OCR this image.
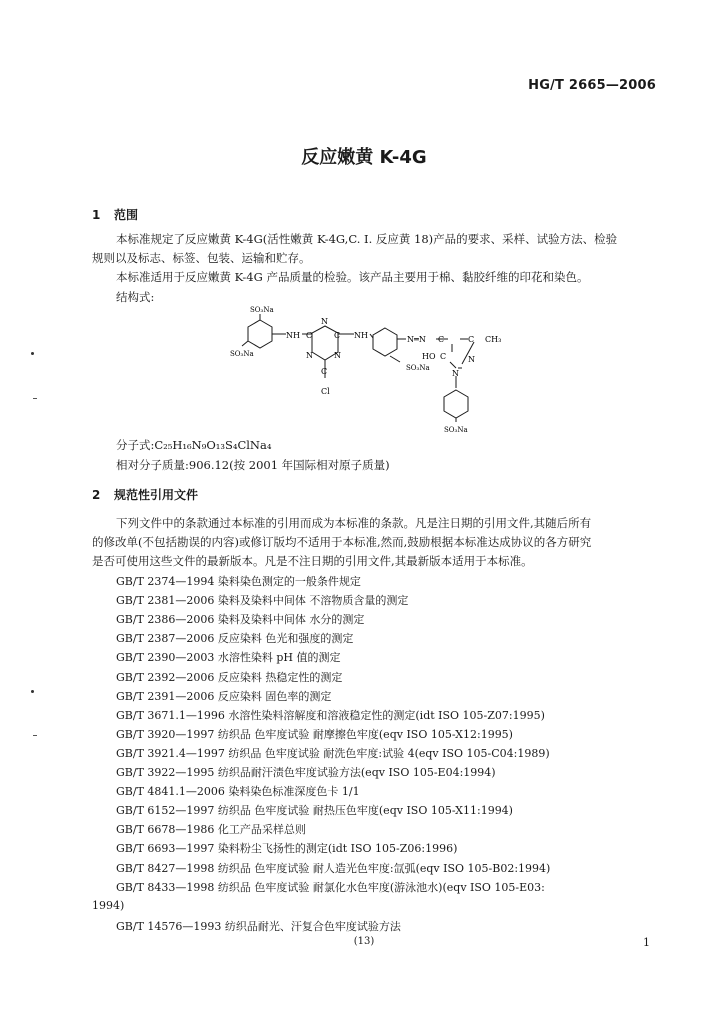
HG/T 2665—2006
反应嫩黄 K-4G
1 范围
本标准规定了反应嫩黄 K-4G(活性嫩黄 K-4G,C. I. 反应黄 18)产品的要求、采样、试验方法、检验
规则以及标志、标签、包装、运输和贮存。
本标准适用于反应嫩黄 K-4G 产品质量的检验。该产品主要用于棉、黏胶纤维的印花和染色。
结构式:
SO₃Na
SO₃Na
NH
N
C	C
N	N
C
Cl
NH	N═N C	C CH₃
HO C	N
N
SO₃Na
SO₃Na
分子式:C₂₅H₁₆N₉O₁₃S₄ClNa₄
相对分子质量:906.12(按 2001 年国际相对原子质量)
2 规范性引用文件
下列文件中的条款通过本标准的引用而成为本标准的条款。凡是注日期的引用文件,其随后所有
的修改单(不包括勘误的内容)或修订版均不适用于本标准,然而,鼓励根据本标准达成协议的各方研究
是否可使用这些文件的最新版本。凡是不注日期的引用文件,其最新版本适用于本标准。
GB/T 2374—1994 染料染色测定的一般条件规定
GB/T 2381—2006 染料及染料中间体 不溶物质含量的测定
GB/T 2386—2006 染料及染料中间体 水分的测定
GB/T 2387—2006 反应染料 色光和强度的测定
GB/T 2390—2003 水溶性染料 pH 值的测定
GB/T 2392—2006 反应染料 热稳定性的测定
GB/T 2391—2006 反应染料 固色率的测定
GB/T 3671.1—1996 水溶性染料溶解度和溶液稳定性的测定(idt ISO 105-Z07:1995)
GB/T 3920—1997 纺织品 色牢度试验 耐摩擦色牢度(eqv ISO 105-X12:1995)
GB/T 3921.4—1997 纺织品 色牢度试验 耐洗色牢度:试验 4(eqv ISO 105-C04:1989)
GB/T 3922—1995 纺织品耐汗渍色牢度试验方法(eqv ISO 105-E04:1994)
GB/T 4841.1—2006 染料染色标准深度色卡 1/1
GB/T 6152—1997 纺织品 色牢度试验 耐热压色牢度(eqv ISO 105-X11:1994)
GB/T 6678—1986 化工产品采样总则
GB/T 6693—1997 染料粉尘飞扬性的测定(idt ISO 105-Z06:1996)
GB/T 8427—1998 纺织品 色牢度试验 耐人造光色牢度:氙弧(eqv ISO 105-B02:1994)
GB/T 8433—1998 纺织品 色牢度试验 耐氯化水色牢度(游泳池水)(eqv ISO 105-E03:
1994)
GB/T 14576—1993 纺织品耐光、汗复合色牢度试验方法
(13)	1
